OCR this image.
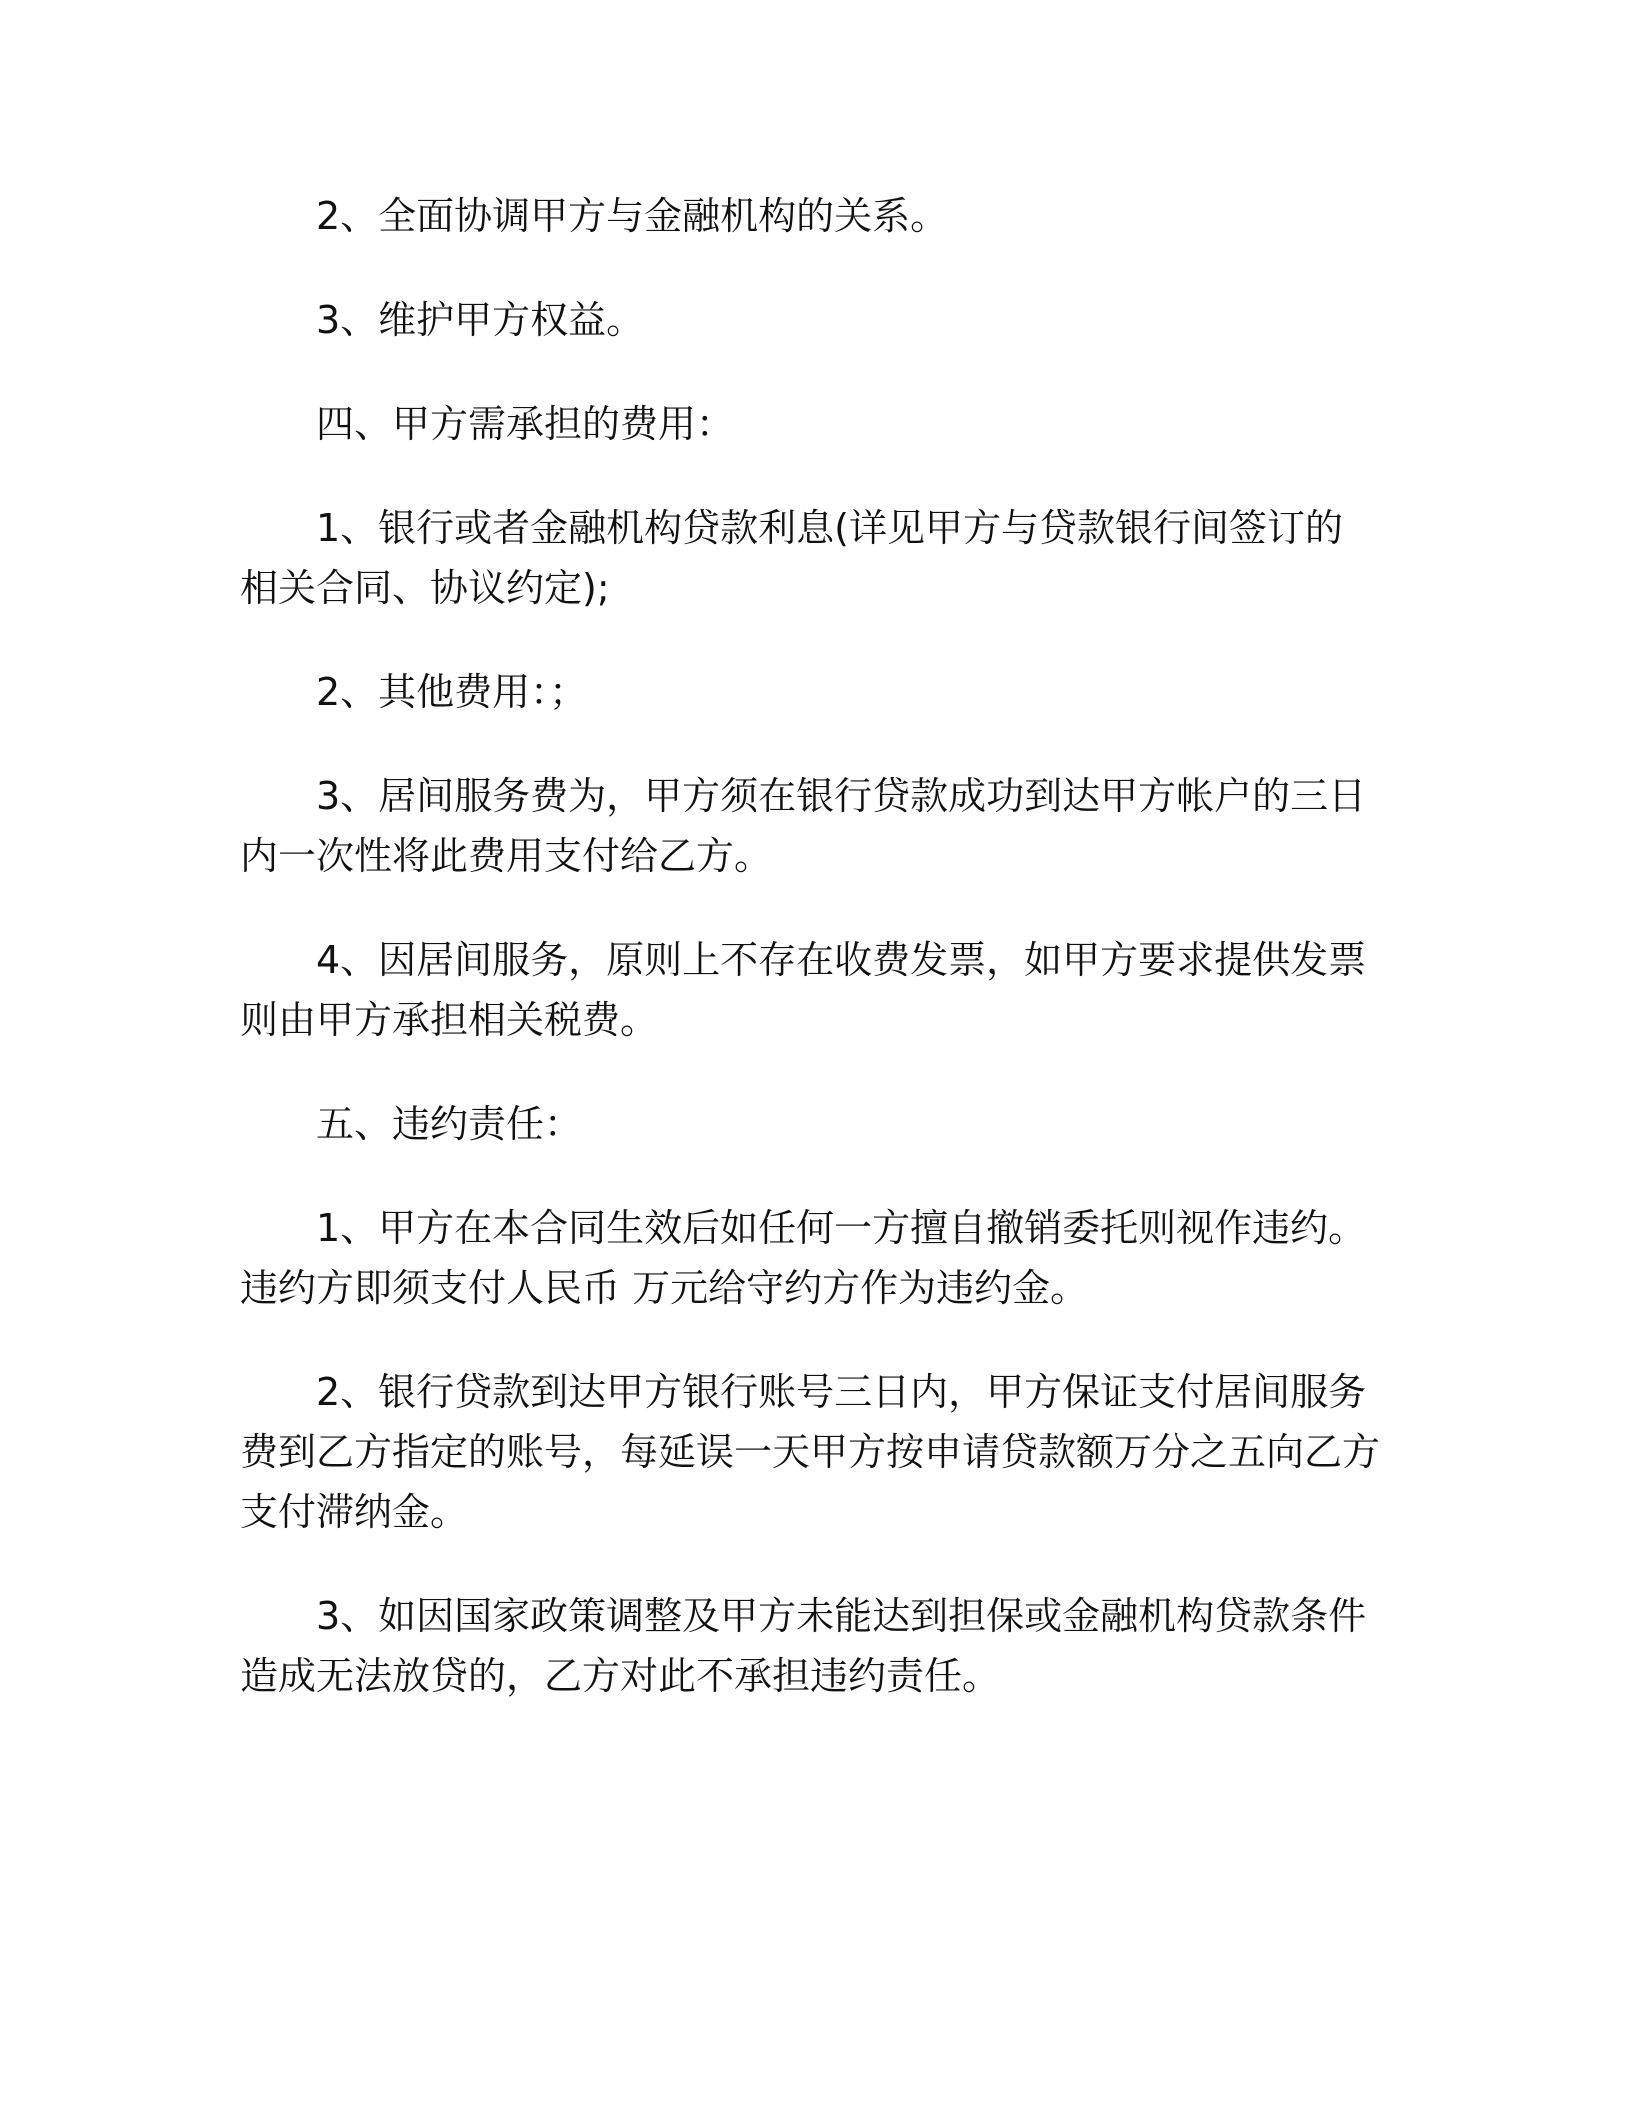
2、全面协调甲方与金融机构的关系。

3、维护甲方权益。

四、甲方需承担的费用：

1、银行或者金融机构贷款利息(详见甲方与贷款银行间签订的相关合同、协议约定);

2、其他费用：；

3、居间服务费为，甲方须在银行贷款成功到达甲方帐户的三日内一次性将此费用支付给乙方。

4、因居间服务，原则上不存在收费发票，如甲方要求提供发票则由甲方承担相关税费。

五、违约责任：

1、甲方在本合同生效后如任何一方擅自撤销委托则视作违约。违约方即须支付人民币 万元给守约方作为违约金。

2、银行贷款到达甲方银行账号三日内，甲方保证支付居间服务费到乙方指定的账号，每延误一天甲方按申请贷款额万分之五向乙方支付滞纳金。

3、如因国家政策调整及甲方未能达到担保或金融机构贷款条件造成无法放贷的，乙方对此不承担违约责任。
